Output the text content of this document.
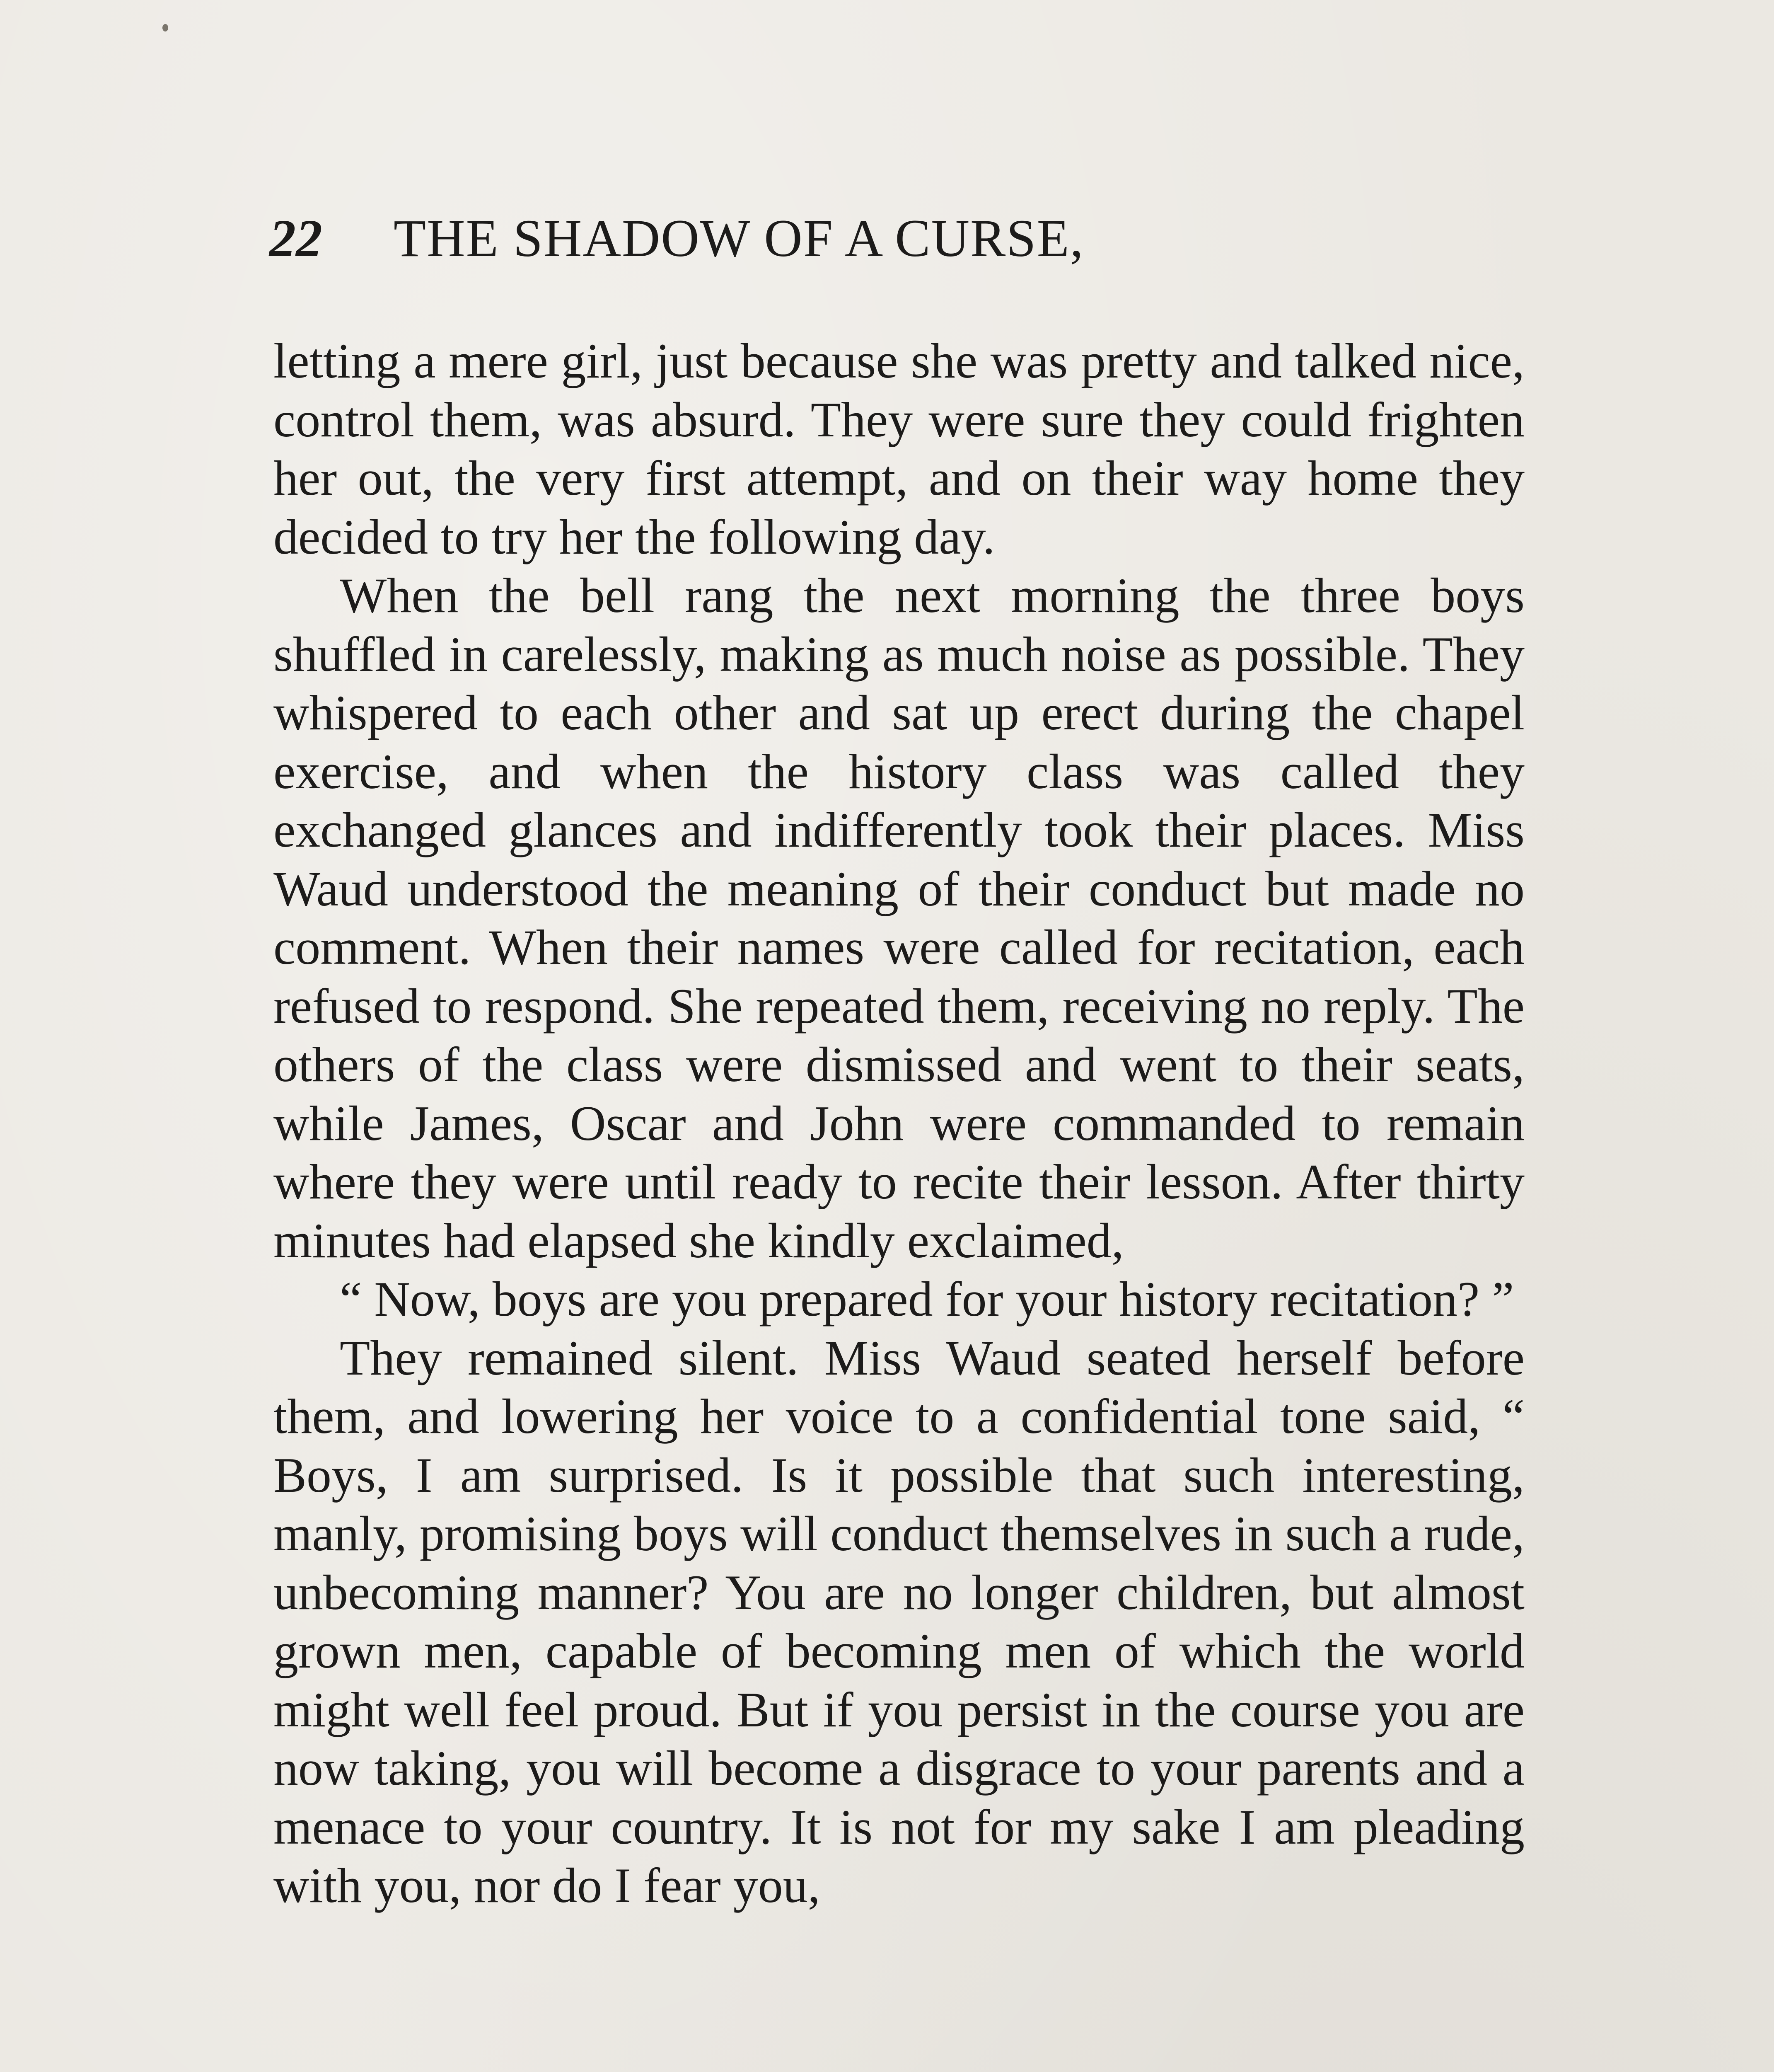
22 THE SHADOW OF A CURSE,

letting a mere girl, just because she was pretty and talked nice, control them, was absurd. They were sure they could frighten her out, the very first attempt, and on their way home they decided to try her the following day.

When the bell rang the next morning the three boys shuffled in carelessly, making as much noise as possible. They whispered to each other and sat up erect during the chapel exercise, and when the history class was called they exchanged glances and indifferently took their places. Miss Waud understood the meaning of their conduct but made no comment. When their names were called for recitation, each refused to respond. She repeated them, receiving no reply. The others of the class were dismissed and went to their seats, while James, Oscar and John were commanded to remain where they were until ready to recite their lesson. After thirty minutes had elapsed she kindly exclaimed,

“ Now, boys are you prepared for your history recitation? ”

They remained silent. Miss Waud seated herself before them, and lowering her voice to a confidential tone said, “ Boys, I am surprised. Is it possible that such interesting, manly, promising boys will conduct themselves in such a rude, unbecoming manner? You are no longer children, but almost grown men, capable of becoming men of which the world might well feel proud. But if you persist in the course you are now taking, you will become a disgrace to your parents and a menace to your country. It is not for my sake I am pleading with you, nor do I fear you,
